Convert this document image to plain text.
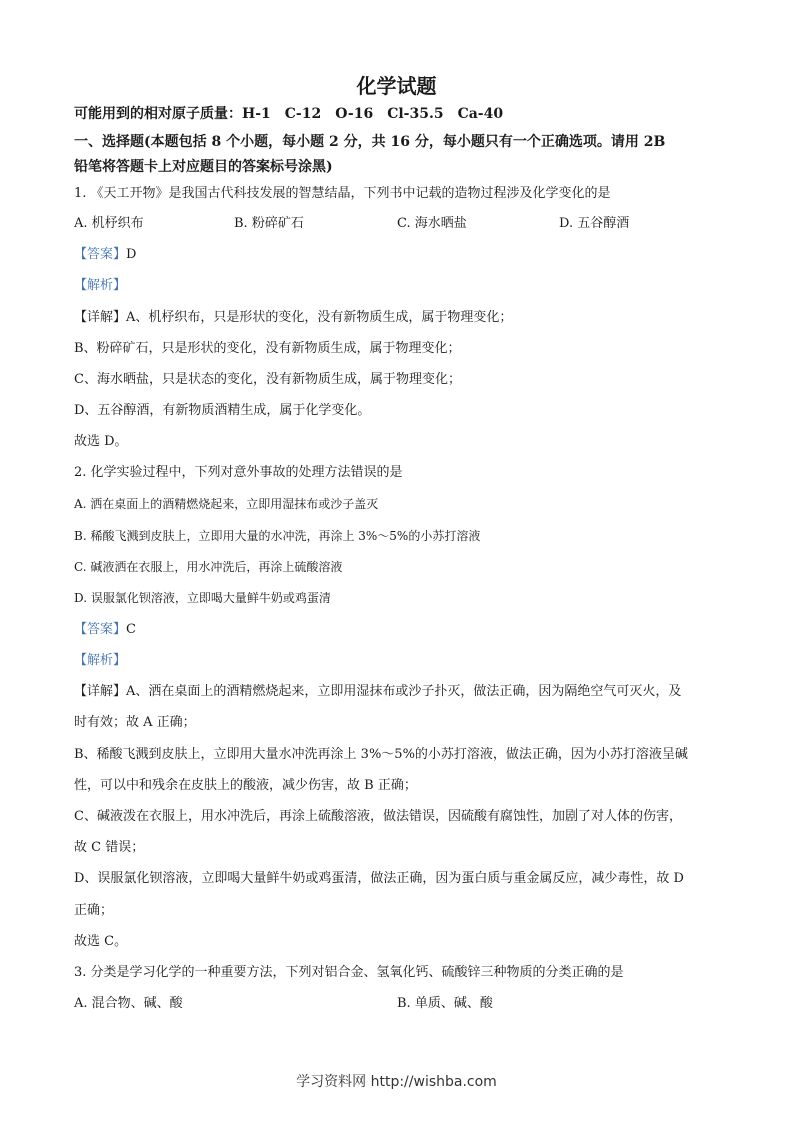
化学试题
可能用到的相对原子质量：H-1　C-12　O-16　Cl-35.5　Ca-40
一、选择题(本题包括 8 个小题，每小题 2 分，共 16 分，每小题只有一个正确选项。请用 2B
铅笔将答题卡上对应题目的答案标号涂黑)
1. 《天工开物》是我国古代科技发展的智慧结晶，下列书中记载的造物过程涉及化学变化的是
A. 机杼织布	B. 粉碎矿石	C. 海水晒盐	D. 五谷醇酒
【答案】D
【解析】
【详解】A、机杼织布，只是形状的变化，没有新物质生成，属于物理变化；
B、粉碎矿石，只是形状的变化，没有新物质生成，属于物理变化；
C、海水晒盐，只是状态的变化，没有新物质生成，属于物理变化；
D、五谷醇酒，有新物质酒精生成，属于化学变化。
故选 D。
2. 化学实验过程中，下列对意外事故的处理方法错误的是
A. 洒在桌面上的酒精燃烧起来，立即用湿抹布或沙子盖灭
B. 稀酸飞溅到皮肤上，立即用大量的水冲洗，再涂上 3%～5%的小苏打溶液
C. 碱液洒在衣服上，用水冲洗后，再涂上硫酸溶液
D. 误服氯化钡溶液，立即喝大量鲜牛奶或鸡蛋清
【答案】C
【解析】
【详解】A、洒在桌面上的酒精燃烧起来，立即用湿抹布或沙子扑灭，做法正确，因为隔绝空气可灭火，及
时有效；故 A 正确；
B、稀酸飞溅到皮肤上，立即用大量水冲洗再涂上 3%～5%的小苏打溶液，做法正确，因为小苏打溶液呈碱
性，可以中和残余在皮肤上的酸液，减少伤害，故 B 正确；
C、碱液泼在衣服上，用水冲洗后，再涂上硫酸溶液，做法错误，因硫酸有腐蚀性，加剧了对人体的伤害，
故 C 错误；
D、误服氯化钡溶液，立即喝大量鲜牛奶或鸡蛋清，做法正确，因为蛋白质与重金属反应，减少毒性，故 D
正确；
故选 C。
3. 分类是学习化学的一种重要方法，下列对铝合金、氢氧化钙、硫酸锌三种物质的分类正确的是
A. 混合物、碱、酸	B. 单质、碱、酸
学习资料网 http://wishba.com
